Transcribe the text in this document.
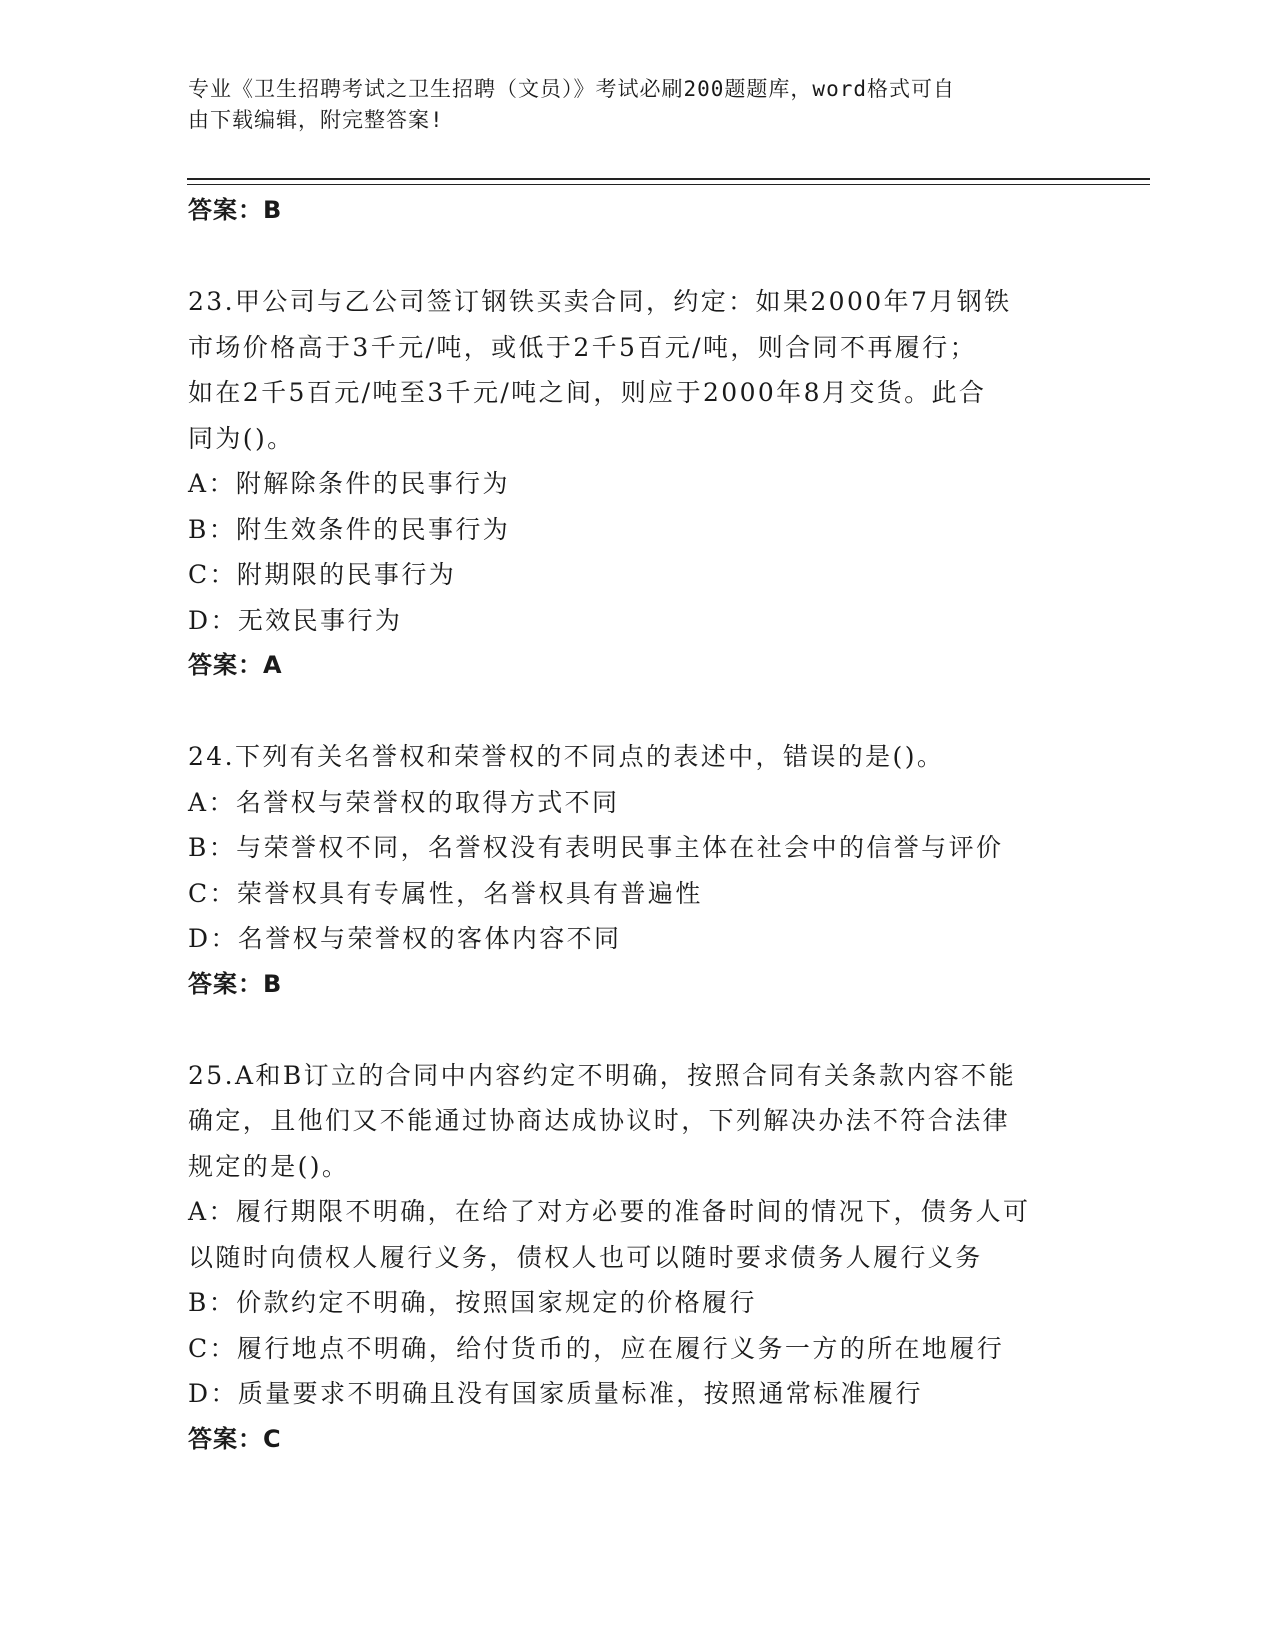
专业《卫生招聘考试之卫生招聘（文员）》考试必刷200题题库，word格式可自
由下载编辑，附完整答案!
答案：B
23.甲公司与乙公司签订钢铁买卖合同，约定：如果2000年7月钢铁
市场价格高于3千元/吨，或低于2千5百元/吨，则合同不再履行；
如在2千5百元/吨至3千元/吨之间，则应于2000年8月交货。此合
同为()。
A：附解除条件的民事行为
B：附生效条件的民事行为
C：附期限的民事行为
D：无效民事行为
答案：A
24.下列有关名誉权和荣誉权的不同点的表述中，错误的是()。
A：名誉权与荣誉权的取得方式不同
B：与荣誉权不同，名誉权没有表明民事主体在社会中的信誉与评价
C：荣誉权具有专属性，名誉权具有普遍性
D：名誉权与荣誉权的客体内容不同
答案：B
25.A和B订立的合同中内容约定不明确，按照合同有关条款内容不能
确定，且他们又不能通过协商达成协议时，下列解决办法不符合法律
规定的是()。
A：履行期限不明确，在给了对方必要的准备时间的情况下，债务人可
以随时向债权人履行义务，债权人也可以随时要求债务人履行义务
B：价款约定不明确，按照国家规定的价格履行
C：履行地点不明确，给付货币的，应在履行义务一方的所在地履行
D：质量要求不明确且没有国家质量标准，按照通常标准履行
答案：C
